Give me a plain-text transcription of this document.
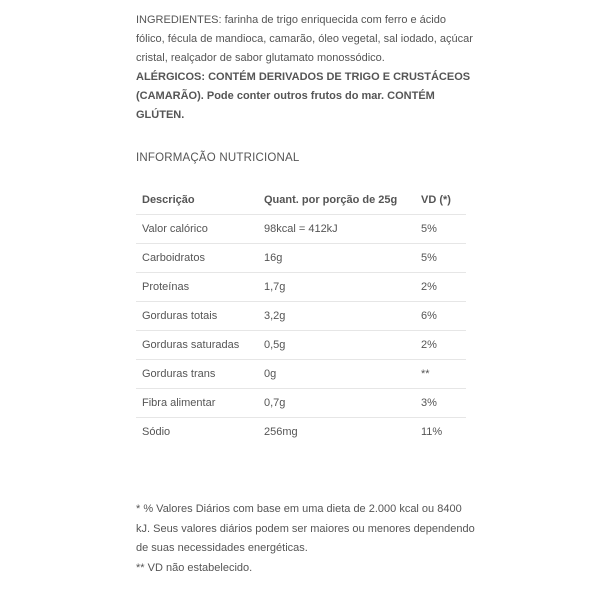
INGREDIENTES: farinha de trigo enriquecida com ferro e ácido fólico, fécula de mandioca, camarão, óleo vegetal, sal iodado, açúcar cristal, realçador de sabor glutamato monossódico.
ALÉRGICOS: CONTÉM DERIVADOS DE TRIGO E CRUSTÁCEOS (CAMARÃO). Pode conter outros frutos do mar. CONTÉM GLÚTEN.

INFORMAÇÃO NUTRICIONAL

Descrição	Quant. por porção de 25g	VD (*)
Valor calórico	98kcal = 412kJ	5%
Carboidratos	16g	5%
Proteínas	1,7g	2%
Gorduras totais	3,2g	6%
Gorduras saturadas	0,5g	2%
Gorduras trans	0g	**
Fibra alimentar	0,7g	3%
Sódio	256mg	11%

* % Valores Diários com base em uma dieta de 2.000 kcal ou 8400 kJ. Seus valores diários podem ser maiores ou menores dependendo de suas necessidades energéticas.

** VD não estabelecido.
